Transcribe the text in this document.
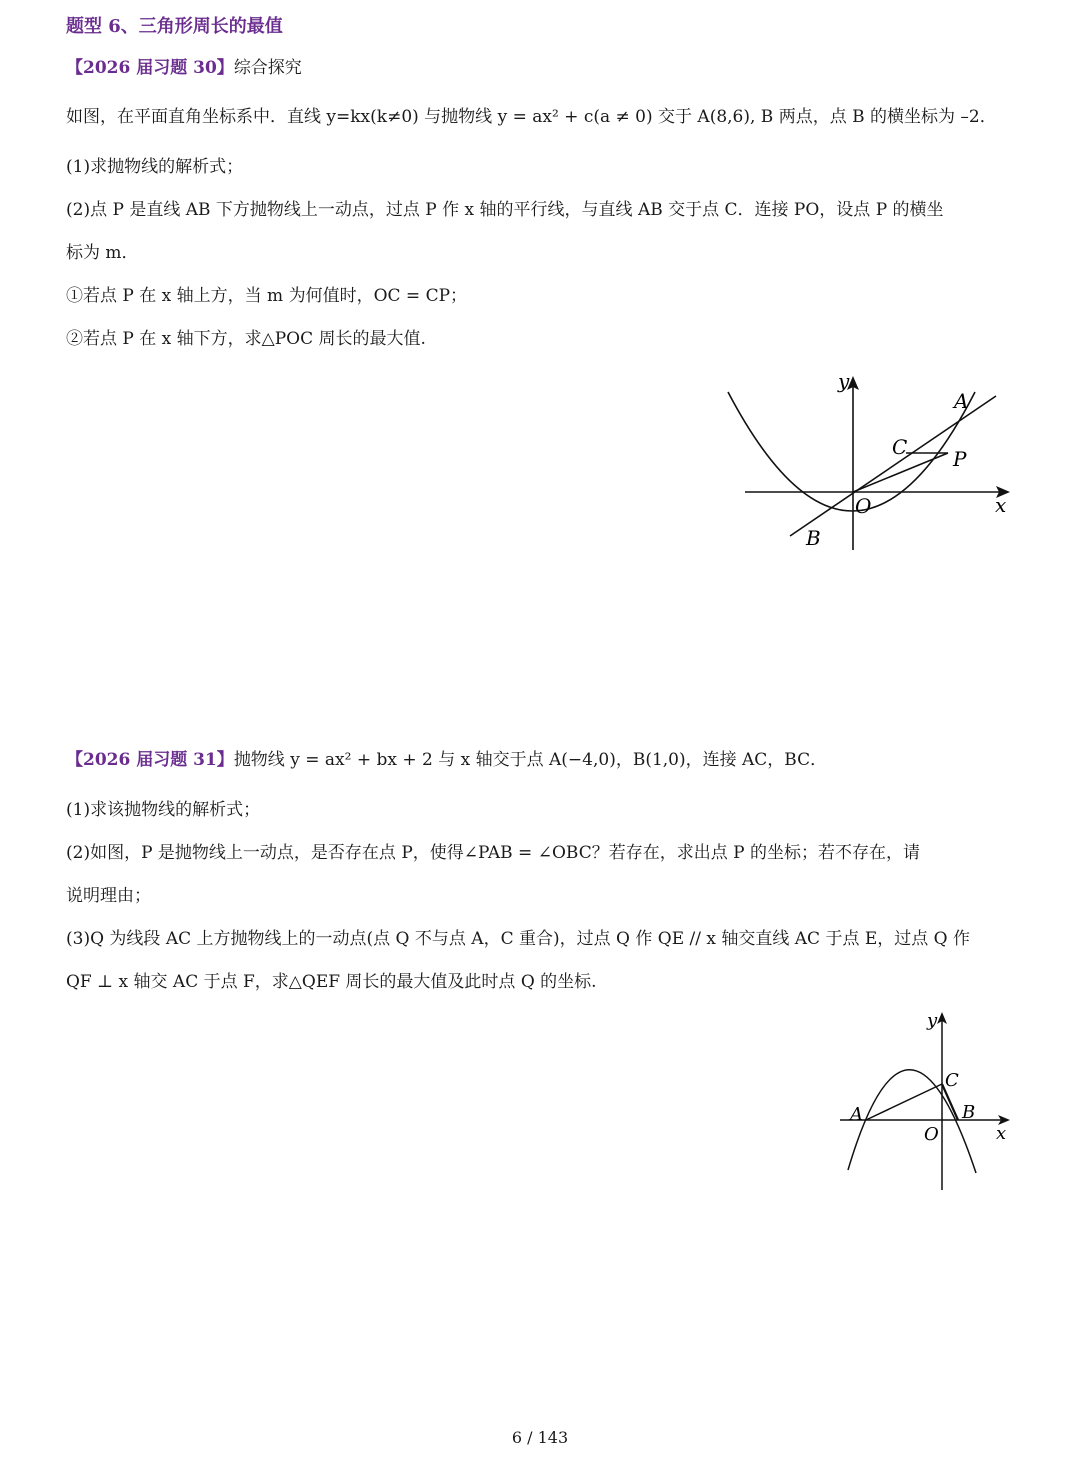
题型 6、三角形周长的最值
【2026 届习题 30】综合探究
如图，在平面直角坐标系中．直线 y=kx(k≠0) 与抛物线 y = ax² + c(a ≠ 0) 交于 A(8,6), B 两点，点 B 的横坐标为 –2．
(1)求抛物线的解析式；
(2)点 P 是直线 AB 下方抛物线上一动点，过点 P 作 x 轴的平行线，与直线 AB 交于点 C．连接 PO，设点 P 的横坐
标为 m．
①若点 P 在 x 轴上方，当 m 为何值时，OC = CP；
②若点 P 在 x 轴下方，求△POC 周长的最大值.
y
x
A
C P
O
B
【2026 届习题 31】抛物线 y = ax² + bx + 2 与 x 轴交于点 A(−4,0)，B(1,0)，连接 AC，BC．
(1)求该抛物线的解析式；
(2)如图，P 是抛物线上一动点，是否存在点 P，使得∠PAB = ∠OBC？若存在，求出点 P 的坐标；若不存在，请
说明理由；
(3)Q 为线段 AC 上方抛物线上的一动点(点 Q 不与点 A，C 重合)，过点 Q 作 QE // x 轴交直线 AC 于点 E，过点 Q 作
QF ⊥ x 轴交 AC 于点 F，求△QEF 周长的最大值及此时点 Q 的坐标.
y
x
A
C
B
O
6 / 143
